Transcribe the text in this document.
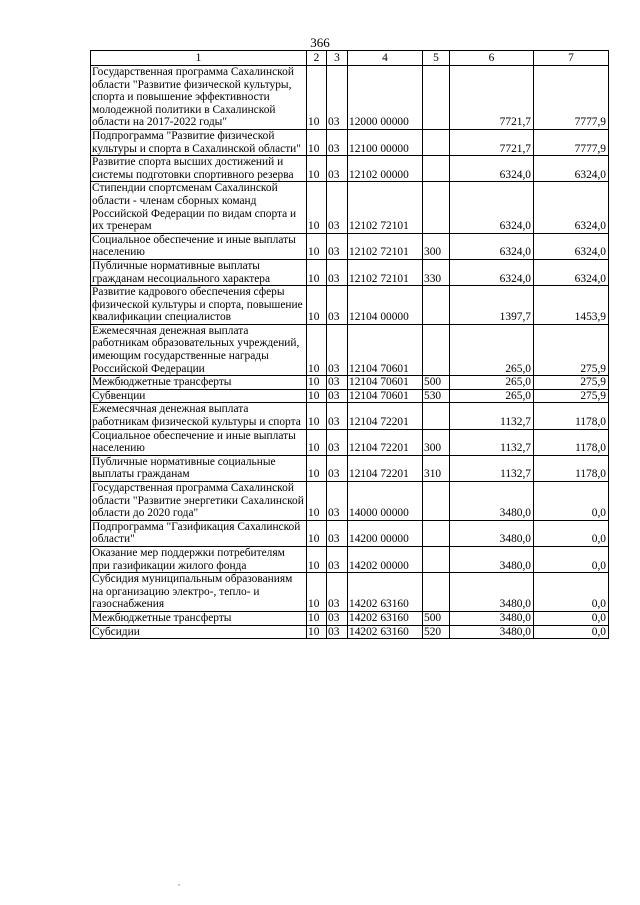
366
1	2	3	4	5	6	7
Государственная программа Сахалинской области "Развитие физической культуры, спорта и повышение эффективности молодежной политики в Сахалинской области на 2017-2022 годы"	10	03	12000 00000		7721,7	7777,9
Подпрограмма "Развитие физической культуры и спорта в Сахалинской области"	10	03	12100 00000		7721,7	7777,9
Развитие спорта высших достижений и системы подготовки спортивного резерва	10	03	12102 00000		6324,0	6324,0
Стипендии спортсменам Сахалинской области - членам сборных команд Российской Федерации по видам спорта и их тренерам	10	03	12102 72101		6324,0	6324,0
Социальное обеспечение и иные выплаты населению	10	03	12102 72101	300	6324,0	6324,0
Публичные нормативные выплаты гражданам несоциального характера	10	03	12102 72101	330	6324,0	6324,0
Развитие кадрового обеспечения сферы физической культуры и спорта, повышение квалификации специалистов	10	03	12104 00000		1397,7	1453,9
Ежемесячная денежная выплата работникам образовательных учреждений, имеющим государственные награды Российской Федерации	10	03	12104 70601		265,0	275,9
Межбюджетные трансферты	10	03	12104 70601	500	265,0	275,9
Субвенции	10	03	12104 70601	530	265,0	275,9
Ежемесячная денежная выплата работникам физической культуры и спорта	10	03	12104 72201		1132,7	1178,0
Социальное обеспечение и иные выплаты населению	10	03	12104 72201	300	1132,7	1178,0
Публичные нормативные социальные выплаты гражданам	10	03	12104 72201	310	1132,7	1178,0
Государственная программа Сахалинской области "Развитие энергетики Сахалинской области до 2020 года"	10	03	14000 00000		3480,0	0,0
Подпрограмма "Газификация Сахалинской области"	10	03	14200 00000		3480,0	0,0
Оказание мер поддержки потребителям при газификации жилого фонда	10	03	14202 00000		3480,0	0,0
Субсидия муниципальным образованиям на организацию электро-, тепло- и газоснабжения	10	03	14202 63160		3480,0	0,0
Межбюджетные трансферты	10	03	14202 63160	500	3480,0	0,0
Субсидии	10	03	14202 63160	520	3480,0	0,0
